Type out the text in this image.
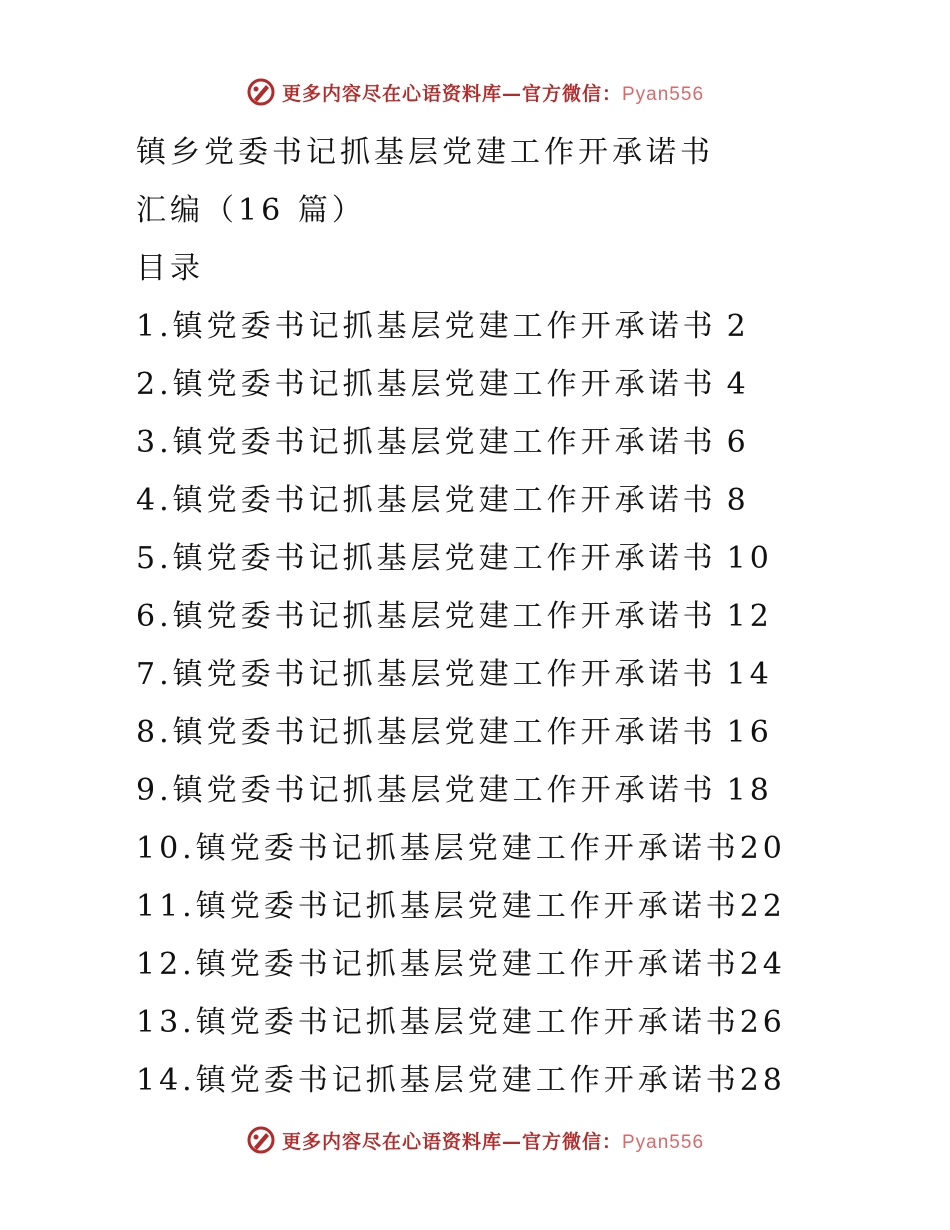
更多内容尽在心语资料库—官方微信：Pyan556
镇乡党委书记抓基层党建工作开承诺书
汇编（16 篇）
目录
1.镇党委书记抓基层党建工作开承诺书 2
2.镇党委书记抓基层党建工作开承诺书 4
3.镇党委书记抓基层党建工作开承诺书 6
4.镇党委书记抓基层党建工作开承诺书 8
5.镇党委书记抓基层党建工作开承诺书 10
6.镇党委书记抓基层党建工作开承诺书 12
7.镇党委书记抓基层党建工作开承诺书 14
8.镇党委书记抓基层党建工作开承诺书 16
9.镇党委书记抓基层党建工作开承诺书 18
10.镇党委书记抓基层党建工作开承诺书20
11.镇党委书记抓基层党建工作开承诺书22
12.镇党委书记抓基层党建工作开承诺书24
13.镇党委书记抓基层党建工作开承诺书26
14.镇党委书记抓基层党建工作开承诺书28
更多内容尽在心语资料库—官方微信：Pyan556
